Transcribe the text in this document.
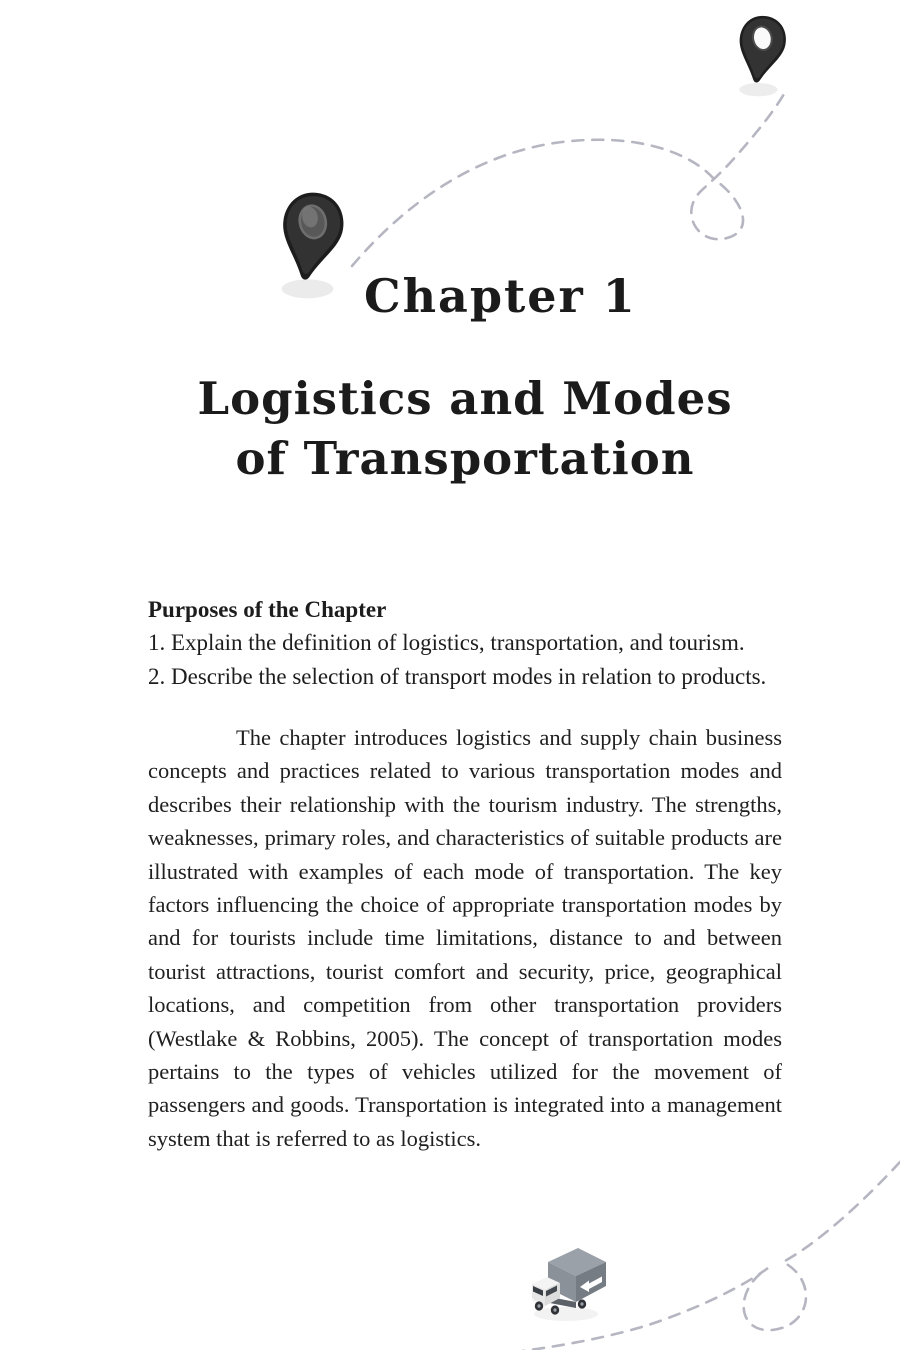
Chapter 1
Logistics and Modes
of Transportation

Purposes of the Chapter

1. Explain the definition of logistics, transportation, and tourism.

2. Describe the selection of transport modes in relation to products.

The chapter introduces logistics and supply chain business concepts and practices related to various transportation modes and describes their relationship with the tourism industry. The strengths, weaknesses, primary roles, and characteristics of suitable products are illustrated with examples of each mode of transportation. The key factors influencing the choice of appropriate transportation modes by and for tourists include time limitations, distance to and between tourist attractions, tourist comfort and security, price, geographical locations, and competition from other transportation providers (Westlake & Robbins, 2005). The concept of transportation modes pertains to the types of vehicles utilized for the movement of passengers and goods. Transportation is integrated into a management system that is referred to as logistics.
